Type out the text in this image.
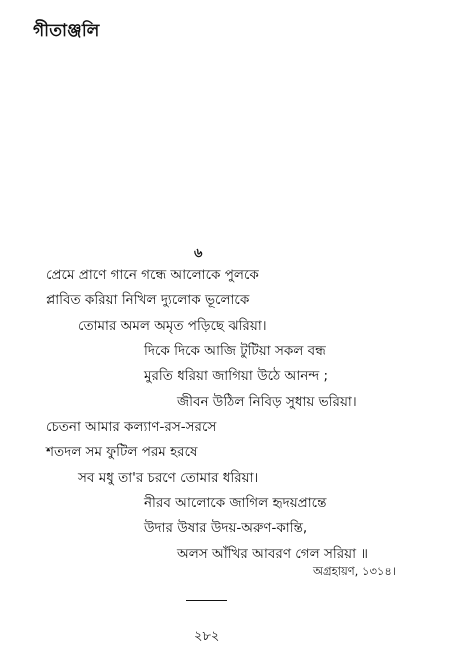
গীতাঞ্জলি
৬
প্রেমে প্রাণে গানে গন্ধে আলোকে পুলকে
প্লাবিত করিয়া নিখিল দ্যুলোক ভূলোকে
তোমার অমল অমৃত পড়িছে ঝরিয়া।
দিকে দিকে আজি টুটিয়া সকল বন্ধ
মুরতি ধরিয়া জাগিয়া উঠে আনন্দ ;
জীবন উঠিল নিবিড় সুধায় ভরিয়া।
চেতনা আমার কল্যাণ-রস-সরসে
শতদল সম ফুটিল পরম হরষে
সব মধু তা'র চরণে তোমার ধরিয়া।
নীরব আলোকে জাগিল হৃদয়প্রান্তে
উদার উষার উদয়-অরুণ-কান্তি,
অলস আঁখির আবরণ গেল সরিয়া ॥
অগ্রহায়ণ, ১৩১৪।
২৮২
